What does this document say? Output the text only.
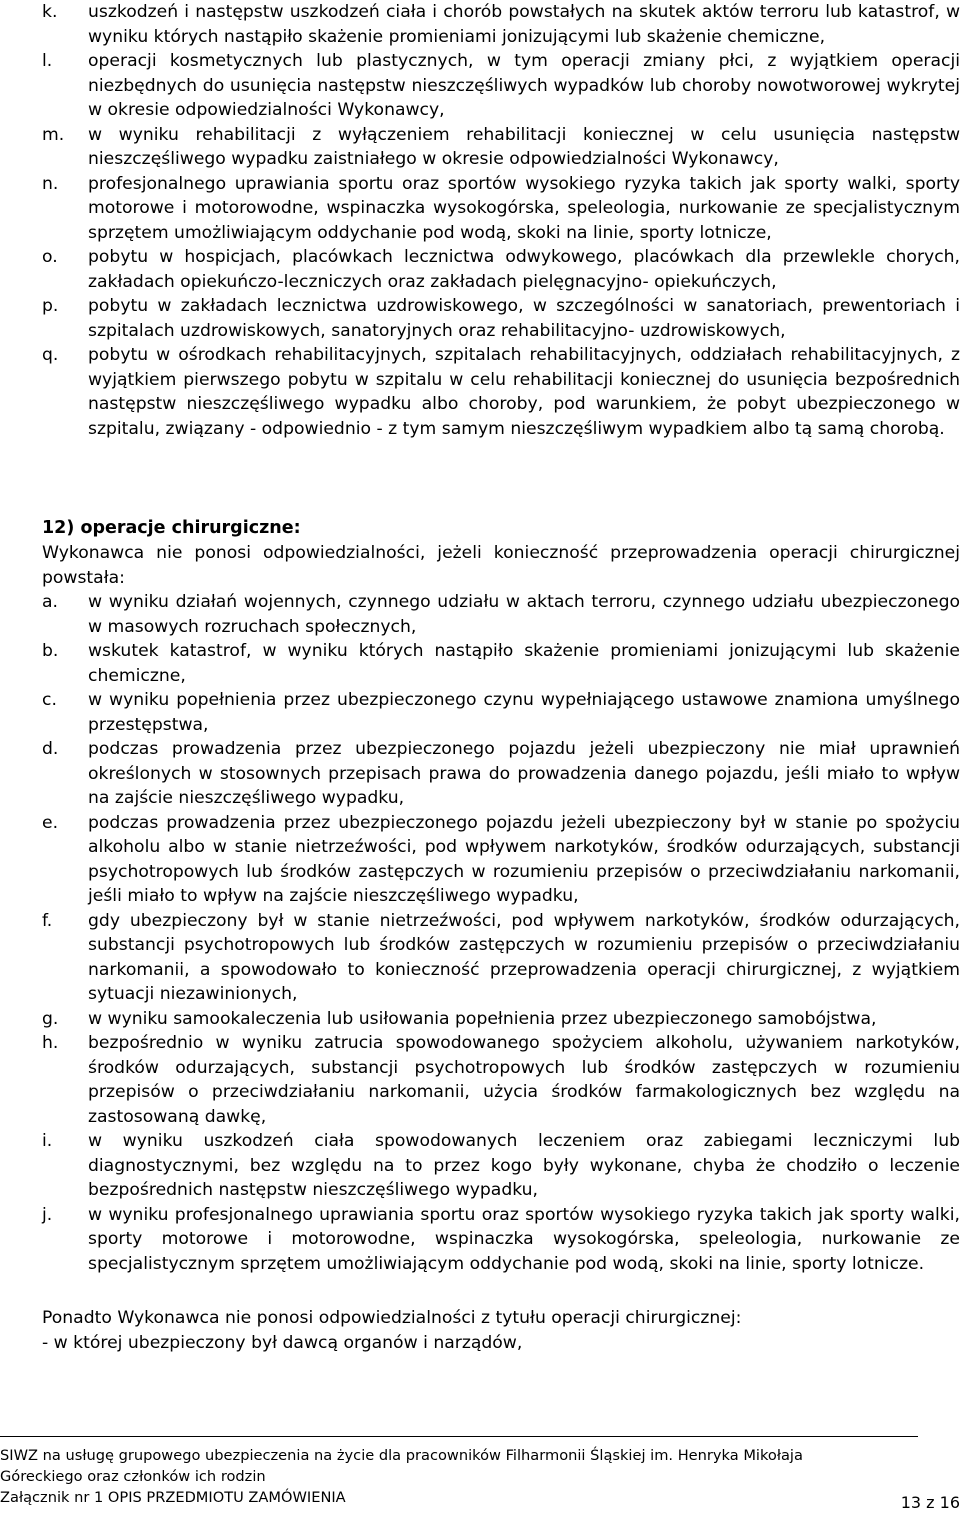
k.	uszkodzeń i następstw uszkodzeń ciała i chorób powstałych na skutek aktów terroru lub katastrof, w wyniku których nastąpiło skażenie promieniami jonizującymi lub skażenie chemiczne,
l.	operacji kosmetycznych lub plastycznych, w tym operacji zmiany płci, z wyjątkiem operacji niezbędnych do usunięcia następstw nieszczęśliwych wypadków lub choroby nowotworowej wykrytej w okresie odpowiedzialności Wykonawcy,
m.	w wyniku rehabilitacji z wyłączeniem rehabilitacji koniecznej w celu usunięcia następstw nieszczęśliwego wypadku zaistniałego w okresie odpowiedzialności Wykonawcy,
n.	profesjonalnego uprawiania sportu oraz sportów wysokiego ryzyka takich jak sporty walki, sporty motorowe i motorowodne, wspinaczka wysokogórska, speleologia, nurkowanie ze specjalistycznym sprzętem umożliwiającym oddychanie pod wodą, skoki na linie, sporty lotnicze,
o.	pobytu w hospicjach, placówkach lecznictwa odwykowego, placówkach dla przewlekle chorych, zakładach opiekuńczo-leczniczych oraz zakładach pielęgnacyjno- opiekuńczych,
p.	pobytu w zakładach lecznictwa uzdrowiskowego, w szczególności w sanatoriach, prewentoriach i szpitalach uzdrowiskowych, sanatoryjnych oraz rehabilitacyjno- uzdrowiskowych,
q.	pobytu w ośrodkach rehabilitacyjnych, szpitalach rehabilitacyjnych, oddziałach rehabilitacyjnych, z wyjątkiem pierwszego pobytu w szpitalu w celu rehabilitacji koniecznej do usunięcia bezpośrednich następstw nieszczęśliwego wypadku albo choroby, pod warunkiem, że pobyt ubezpieczonego w szpitalu, związany - odpowiednio - z tym samym nieszczęśliwym wypadkiem albo tą samą chorobą.
12) operacje chirurgiczne:
Wykonawca nie ponosi odpowiedzialności, jeżeli konieczność przeprowadzenia operacji chirurgicznej powstała:
a.	w wyniku działań wojennych, czynnego udziału w aktach terroru, czynnego udziału ubezpieczonego w masowych rozruchach społecznych,
b.	wskutek katastrof, w wyniku których nastąpiło skażenie promieniami jonizującymi lub skażenie chemiczne,
c.	w wyniku popełnienia przez ubezpieczonego czynu wypełniającego ustawowe znamiona umyślnego przestępstwa,
d.	podczas prowadzenia przez ubezpieczonego pojazdu jeżeli ubezpieczony nie miał uprawnień określonych w stosownych przepisach prawa do prowadzenia danego pojazdu, jeśli miało to wpływ na zajście nieszczęśliwego wypadku,
e.	podczas prowadzenia przez ubezpieczonego pojazdu jeżeli ubezpieczony był w stanie po spożyciu alkoholu albo w stanie nietrzeźwości, pod wpływem narkotyków, środków odurzających, substancji psychotropowych lub środków zastępczych w rozumieniu przepisów o przeciwdziałaniu narkomanii, jeśli miało to wpływ na zajście nieszczęśliwego wypadku,
f.	gdy ubezpieczony był w stanie nietrzeźwości, pod wpływem narkotyków, środków odurzających, substancji psychotropowych lub środków zastępczych w rozumieniu przepisów o przeciwdziałaniu narkomanii, a spowodowało to konieczność przeprowadzenia operacji chirurgicznej, z wyjątkiem sytuacji niezawinionych,
g.	w wyniku samookaleczenia lub usiłowania popełnienia przez ubezpieczonego samobójstwa,
h.	bezpośrednio w wyniku zatrucia spowodowanego spożyciem alkoholu, używaniem narkotyków, środków odurzających, substancji psychotropowych lub środków zastępczych w rozumieniu przepisów o przeciwdziałaniu narkomanii, użycia środków farmakologicznych bez względu na zastosowaną dawkę,
i.	w wyniku uszkodzeń ciała spowodowanych leczeniem oraz zabiegami leczniczymi lub diagnostycznymi, bez względu na to przez kogo były wykonane, chyba że chodziło o leczenie bezpośrednich następstw nieszczęśliwego wypadku,
j.	w wyniku profesjonalnego uprawiania sportu oraz sportów wysokiego ryzyka takich jak sporty walki, sporty motorowe i motorowodne, wspinaczka wysokogórska, speleologia, nurkowanie ze specjalistycznym sprzętem umożliwiającym oddychanie pod wodą, skoki na linie, sporty lotnicze.
Ponadto Wykonawca nie ponosi odpowiedzialności z tytułu operacji chirurgicznej:
- w której ubezpieczony był dawcą organów i narządów,
SIWZ na usługę grupowego ubezpieczenia na życie dla pracowników Filharmonii Śląskiej im. Henryka Mikołaja
Góreckiego oraz członków ich rodzin
Załącznik nr 1 OPIS PRZEDMIOTU ZAMÓWIENIA	13 z 16
